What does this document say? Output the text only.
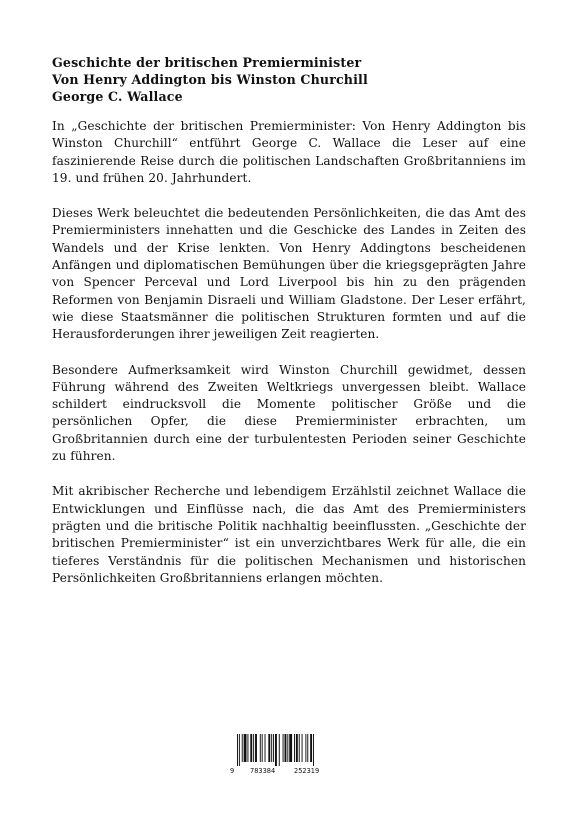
Geschichte der britischen Premierminister
Von Henry Addington bis Winston Churchill
George C. Wallace

In „Geschichte der britischen Premierminister: Von Henry Addington bis Winston Churchill“ entführt George C. Wallace die Leser auf eine faszinierende Reise durch die politischen Landschaften Großbritanniens im 19. und frühen 20. Jahrhundert.

Dieses Werk beleuchtet die bedeutenden Persönlichkeiten, die das Amt des Premierministers innehatten und die Geschicke des Landes in Zeiten des Wandels und der Krise lenkten. Von Henry Addingtons bescheidenen Anfängen und diplomatischen Bemühungen über die kriegsgeprägten Jahre von Spencer Perceval und Lord Liverpool bis hin zu den prägenden Reformen von Benjamin Disraeli und William Gladstone. Der Leser erfährt, wie diese Staatsmänner die politischen Strukturen formten und auf die Herausforderungen ihrer jeweiligen Zeit reagierten.

Besondere Aufmerksamkeit wird Winston Churchill gewidmet, dessen Führung während des Zweiten Weltkriegs unvergessen bleibt. Wallace schildert eindrucksvoll die Momente politischer Größe und die persönlichen Opfer, die diese Premierminister erbrachten, um Großbritannien durch eine der turbulentesten Perioden seiner Geschichte zu führen.

Mit akribischer Recherche und lebendigem Erzählstil zeichnet Wallace die Entwicklungen und Einflüsse nach, die das Amt des Premierministers prägten und die britische Politik nachhaltig beeinflussten. „Geschichte der britischen Premierminister“ ist ein unverzichtbares Werk für alle, die ein tieferes Verständnis für die politischen Mechanismen und historischen Persönlichkeiten Großbritanniens erlangen möchten.

9 783384	252319
